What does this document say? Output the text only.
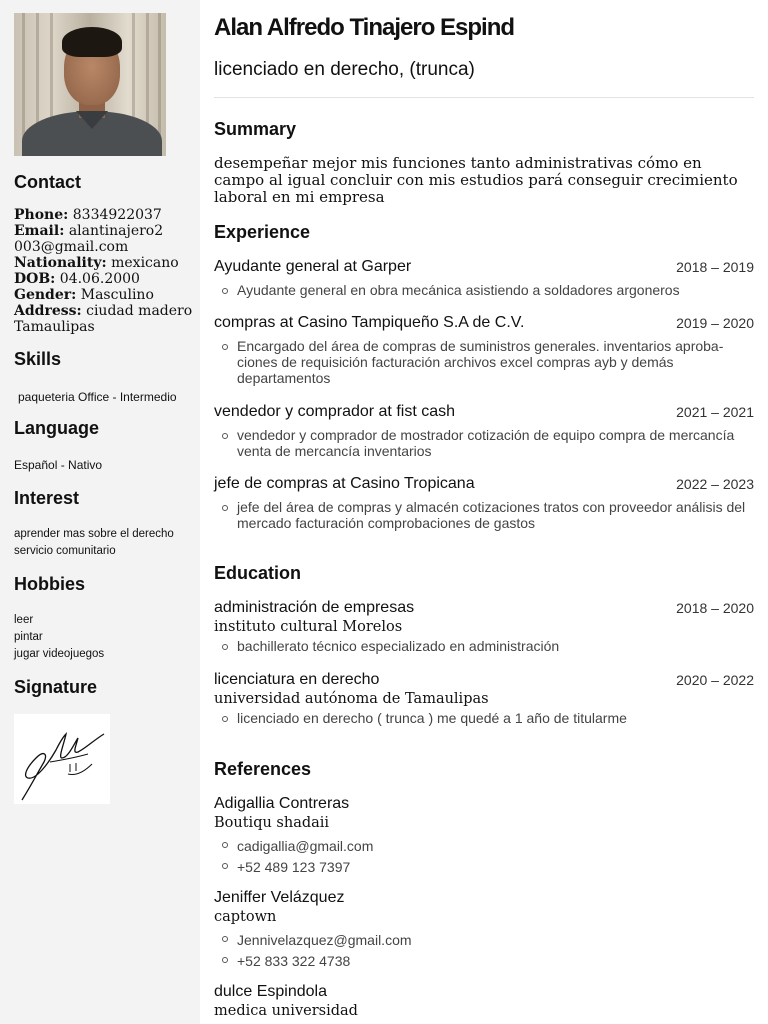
Contact
Phone: 8334922037
Email: alantinajero2 003@gmail.com
Nationality: mexicano
DOB: 04.06.2000
Gender: Masculino
Address: ciudad madero Tamaulipas
Skills
paqueteria Office - Intermedio
Language
Español - Nativo
Interest
aprender mas sobre el derecho
servicio comunitario
Hobbies
leer
pintar
jugar videojuegos
Signature
Alan Alfredo Tinajero Espind
licenciado en derecho, (trunca)
Summary
desempeñar mejor mis funciones tanto administrativas cómo en campo al igual concluir con mis estudios pará conseguir crecimiento laboral en mi empresa
Experience
Ayudante general at Garper	2018 – 2019
Ayudante general en obra mecánica asistiendo a soldadores argoneros
compras at Casino Tampiqueño S.A de C.V.	2019 – 2020
Encargado del área de compras de suministros generales. inventarios aproba- ciones de requisición facturación archivos excel compras ayb y demás departamentos
vendedor y comprador at fist cash	2021 – 2021
vendedor y comprador de mostrador cotización de equipo compra de mercancía venta de mercancía inventarios
jefe de compras at Casino Tropicana	2022 – 2023
jefe del área de compras y almacén cotizaciones tratos con proveedor análisis del mercado facturación comprobaciones de gastos
Education
administración de empresas	2018 – 2020
instituto cultural Morelos
bachillerato técnico especializado en administración
licenciatura en derecho	2020 – 2022
universidad autónoma de Tamaulipas
licenciado en derecho ( trunca ) me quedé a 1 año de titularme
References
Adigallia Contreras
Boutiqu shadaii
cadigallia@gmail.com
+52 489 123 7397
Jeniffer Velázquez
captown
Jennivelazquez@gmail.com
+52 833 322 4738
dulce Espindola
medica universidad
